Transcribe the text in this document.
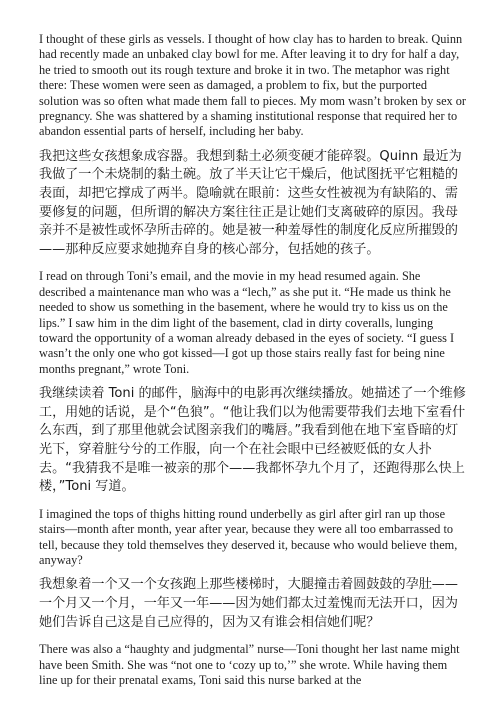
I thought of these girls as vessels. I thought of how clay has to harden to break. Quinn had recently made an unbaked clay bowl for me. After leaving it to dry for half a day, he tried to smooth out its rough texture and broke it in two. The metaphor was right there: These women were seen as damaged, a problem to fix, but the purported solution was so often what made them fall to pieces. My mom wasn’t broken by sex or pregnancy. She was shattered by a shaming institutional response that required her to abandon essential parts of herself, including her baby.

我把这些女孩想象成容器。我想到黏土必须变硬才能碎裂。Quinn 最近为我做了一个未烧制的黏土碗。放了半天让它干燥后，他试图抚平它粗糙的表面，却把它撑成了两半。隐喻就在眼前：这些女性被视为有缺陷的、需要修复的问题，但所谓的解决方案往往正是让她们支离破碎的原因。我母亲并不是被性或怀孕所击碎的。她是被一种羞辱性的制度化反应所摧毁的——那种反应要求她抛弃自身的核心部分，包括她的孩子。

I read on through Toni’s email, and the movie in my head resumed again. She described a maintenance man who was a “lech,” as she put it. “He made us think he needed to show us something in the basement, where he would try to kiss us on the lips.” I saw him in the dim light of the basement, clad in dirty coveralls, lunging toward the opportunity of a woman already debased in the eyes of society. “I guess I wasn’t the only one who got kissed—I got up those stairs really fast for being nine months pregnant,” wrote Toni.

我继续读着 Toni 的邮件，脑海中的电影再次继续播放。她描述了一个维修工，用她的话说，是个“色狼”。“他让我们以为他需要带我们去地下室看什么东西，到了那里他就会试图亲我们的嘴唇。”我看到他在地下室昏暗的灯光下，穿着脏兮兮的工作服，向一个在社会眼中已经被贬低的女人扑去。“我猜我不是唯一被亲的那个——我都怀孕九个月了，还跑得那么快上楼，”Toni 写道。

I imagined the tops of thighs hitting round underbelly as girl after girl ran up those stairs—month after month, year after year, because they were all too embarrassed to tell, because they told themselves they deserved it, because who would believe them, anyway?

我想象着一个又一个女孩跑上那些楼梯时，大腿撞击着圆鼓鼓的孕肚——一个月又一个月，一年又一年——因为她们都太过羞愧而无法开口，因为她们告诉自己这是自己应得的，因为又有谁会相信她们呢？

There was also a “haughty and judgmental” nurse—Toni thought her last name might have been Smith. She was “not one to ‘cozy up to,’” she wrote. While having them line up for their prenatal exams, Toni said this nurse barked at the
